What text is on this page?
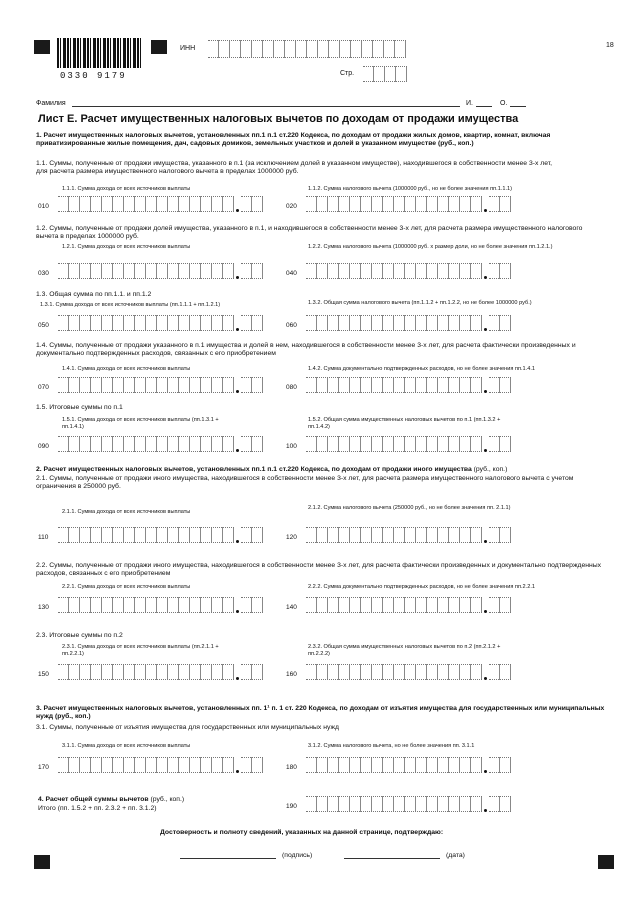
0330 9179
ИНН	18
Стр.
Фамилия	И.	О.
Лист Е. Расчет имущественных налоговых вычетов по доходам от продажи имущества
1. Расчет имущественных налоговых вычетов, установленных пп.1 п.1 ст.220 Кодекса, по доходам от продажи жилых домов, квартир, комнат, включая приватизированные жилые помещения, дач, садовых домиков, земельных участков и долей в указанном имуществе (руб., коп.)
1.1. Суммы, полученные от продажи имущества, указанного в п.1 (за исключением долей в указанном имуществе), находившегося в собственности менее 3-х лет, для расчета размера имущественного налогового вычета в пределах 1000000 руб.
1.1.1. Сумма дохода от всех источников выплаты	1.1.2. Сумма налогового вычета (1000000 руб., но не более значения пп.1.1.1)
010	020
1.2. Суммы, полученные от продажи долей имущества, указанного в п.1, и находившегося в собственности менее 3-х лет, для расчета размера имущественного налогового вычета в пределах 1000000 руб.
1.2.1. Сумма дохода от всех источников выплаты	1.2.2. Сумма налогового вычета (1000000 руб. х размер доли, но не более значения пп.1.2.1.)
030	040
1.3. Общая сумма по пп.1.1. и пп.1.2
1.3.1. Сумма дохода от всех источников выплаты (пп.1.1.1 + пп.1.2.1)	1.3.2. Общая сумма налогового вычета (пп.1.1.2 + пп.1.2.2, но не более 1000000 руб.)
050	060
1.4. Суммы, полученные от продажи указанного в п.1 имущества и долей в нем, находившегося в собственности менее 3-х лет, для расчета фактически произведенных и документально подтвержденных расходов, связанных с его приобретением
1.4.1. Сумма дохода от всех источников выплаты	1.4.2. Сумма документально подтвержденных расходов, но не более значения пп.1.4.1
070	080
1.5. Итоговые суммы по п.1
1.5.1. Сумма дохода от всех источников выплаты (пп.1.3.1 + пп.1.4.1)
1.5.2. Общая сумма имущественных налоговых вычетов по п.1 (пп.1.3.2 + пп.1.4.2)
090	100
2. Расчет имущественных налоговых вычетов, установленных пп.1 п.1 ст.220 Кодекса, по доходам от продажи иного имущества (руб., коп.)
2.1. Суммы, полученные от продажи иного имущества, находившегося в собственности менее 3-х лет, для расчета размера имущественного налогового вычета с учетом ограничения в 250000 руб.
2.1.1. Сумма дохода от всех источников выплаты
2.1.2. Сумма налогового вычета (250000 руб., но не более значения пп. 2.1.1)
110	120
2.2. Суммы, полученные от продажи иного имущества, находившегося в собственности менее 3-х лет, для расчета фактически произведенных и документально подтвержденных расходов, связанных с его приобретением
2.2.1. Сумма дохода от всех источников выплаты	2.2.2. Сумма документально подтвержденных расходов, но не более значения пп.2.2.1
130	140
2.3. Итоговые суммы по п.2
2.3.1. Сумма дохода от всех источников выплаты (пп.2.1.1 + пп.2.2.1)
2.3.2. Общая сумма имущественных налоговых вычетов по п.2 (пп.2.1.2 + пп.2.2.2)
150	160
3. Расчет имущественных налоговых вычетов, установленных пп. 1¹ п. 1 ст. 220 Кодекса, по доходам от изъятия имущества для государственных или муниципальных нужд (руб., коп.)
3.1. Суммы, полученные от изъятия имущества для государственных или муниципальных нужд
3.1.1. Сумма дохода от всех источников выплаты	3.1.2. Сумма налогового вычета, но не более значения пп. 3.1.1
170	180
4. Расчет общей суммы вычетов (руб., коп.)
Итого (пп. 1.5.2 + пп. 2.3.2 + пп. 3.1.2)	190
Достоверность и полноту сведений, указанных на данной странице, подтверждаю:
(подпись)	(дата)
